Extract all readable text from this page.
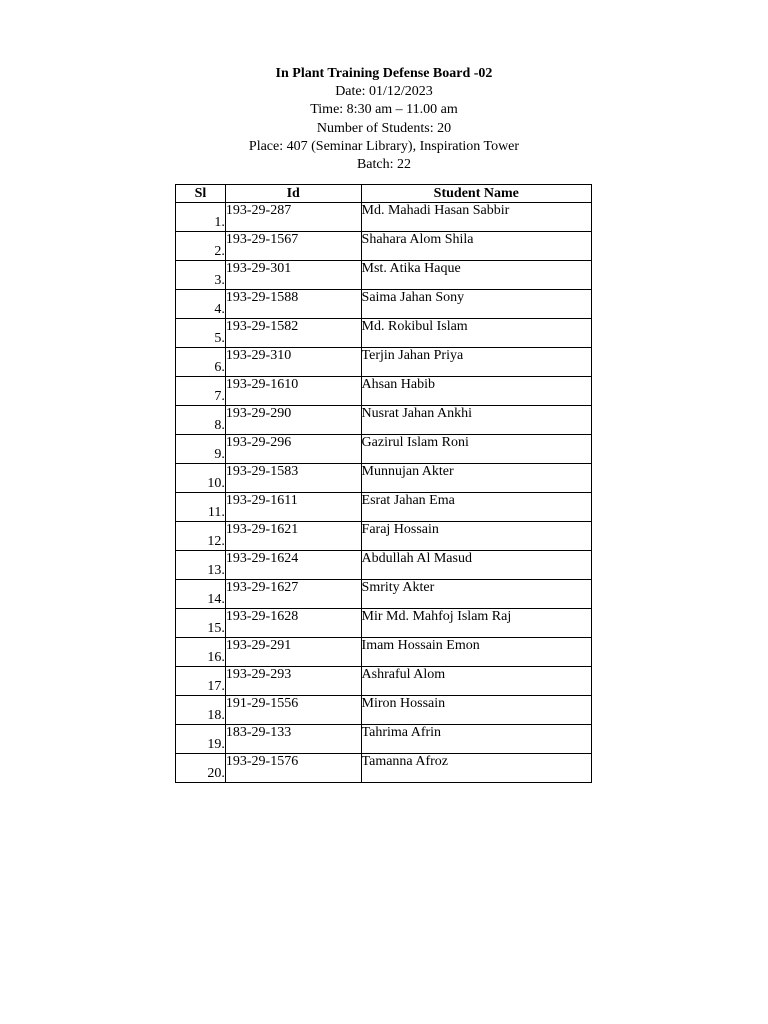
In Plant Training Defense Board -02
Date: 01/12/2023
Time: 8:30 am – 11.00 am
Number of Students: 20
Place: 407 (Seminar Library), Inspiration Tower
Batch: 22
Sl	Id	Student Name
1.	193-29-287	Md. Mahadi Hasan Sabbir
2.	193-29-1567	Shahara Alom Shila
3.	193-29-301	Mst. Atika Haque
4.	193-29-1588	Saima Jahan Sony
5.	193-29-1582	Md. Rokibul Islam
6.	193-29-310	Terjin Jahan Priya
7.	193-29-1610	Ahsan Habib
8.	193-29-290	Nusrat Jahan Ankhi
9.	193-29-296	Gazirul Islam Roni
10.	193-29-1583	Munnujan Akter
11.	193-29-1611	Esrat Jahan Ema
12.	193-29-1621	Faraj Hossain
13.	193-29-1624	Abdullah Al Masud
14.	193-29-1627	Smrity Akter
15.	193-29-1628	Mir Md. Mahfoj Islam Raj
16.	193-29-291	Imam Hossain Emon
17.	193-29-293	Ashraful Alom
18.	191-29-1556	Miron Hossain
19.	183-29-133	Tahrima Afrin
20.	193-29-1576	Tamanna Afroz
